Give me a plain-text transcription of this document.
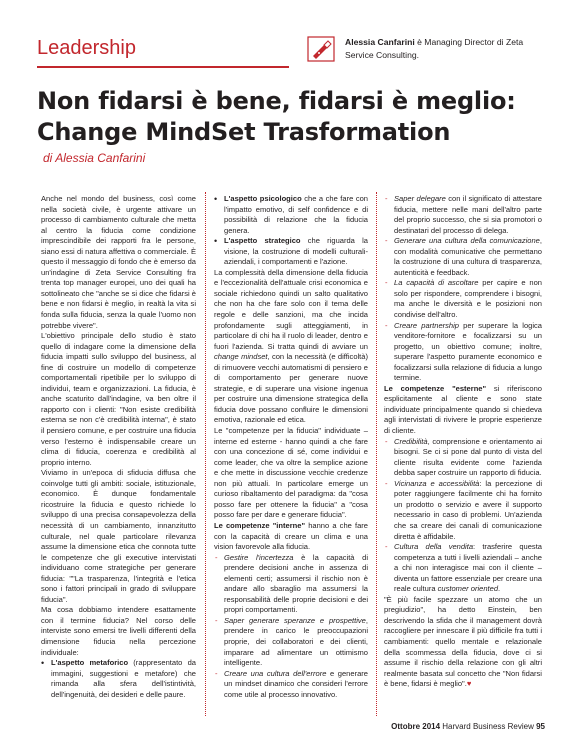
Leadership	Alessia Canfarini è Managing Director di Zeta Service Consulting.
Non fidarsi è bene, fidarsi è meglio:
Change MindSet Trasformation
di Alessia Canfarini

Anche nel mondo del business, così come nella società civile, è urgente attivare un processo di cambiamento culturale che metta al centro la fiducia come condizione imprescindibile dei rapporti fra le persone, siano essi di natura affettiva o commerciale. È questo il messaggio di fondo che è emerso da un'indagine di Zeta Service Consulting fra trenta top manager europei, uno dei quali ha sottolineato che "anche se si dice che fidarsi è bene e non fidarsi è meglio, in realtà la vita si fonda sulla fiducia, senza la quale l'uomo non potrebbe vivere".

L'obiettivo principale dello studio è stato quello di indagare come la dimensione della fiducia impatti sullo sviluppo del business, al fine di costruire un modello di competenze comportamentali ripetibile per lo sviluppo di individui, team e organizzazioni. La fiducia, è anche scaturito dall'indagine, va ben oltre il rapporto con i clienti: "Non esiste credibilità esterna se non c'è credibilità interna", è stato il pensiero comune, e per costruire una fiducia verso l'esterno è indispensabile creare un clima di fiducia, coerenza e credibilità al proprio interno.

Viviamo in un'epoca di sfiducia diffusa che coinvolge tutti gli ambiti: sociale, istituzionale, economico. È dunque fondamentale ricostruire la fiducia e questo richiede lo sviluppo di una precisa consapevolezza della necessità di un cambiamento, innanzitutto culturale, nel quale particolare rilevanza assume la dimensione etica che connota tutte le competenze che gli executive intervistati individuano come strategiche per generare fiducia: ""La trasparenza, l'integrità e l'etica sono i fattori principali in grado di sviluppare fiducia".

Ma cosa dobbiamo intendere esattamente con il termine fiducia? Nel corso delle interviste sono emersi tre livelli differenti della dimensione fiducia nella percezione individuale:

• L'aspetto metaforico (rappresentato da immagini, suggestioni e metafore) che rimanda alla sfera dell'istintività, dell'ingenuità, dei desideri e delle paure.
• L'aspetto psicologico che a che fare con l'impatto emotivo, di self confidence e di possibilità di relazione che la fiducia genera.
• L'aspetto strategico che riguarda la visione, la costruzione di modelli culturali- aziendali, i comportamenti e l'azione.

La complessità della dimensione della fiducia e l'eccezionalità dell'attuale crisi economica e sociale richiedono quindi un salto qualitativo che non ha che fare solo con il tema delle regole e delle sanzioni, ma che incida profondamente sugli atteggiamenti, in particolare di chi ha il ruolo di leader, dentro e fuori l'azienda. Si tratta quindi di avviare un change mindset, con la necessità (e difficoltà) di rimuovere vecchi automatismi di pensiero e di comportamento per generare nuove strategie, e di superare una visione ingenua per costruire una dimensione strategica della fiducia dove possano confluire le dimensioni emotiva, razionale ed etica.

Le "competenze per la fiducia" individuate – interne ed esterne - hanno quindi a che fare con una concezione di sé, come individui e come leader, che va oltre la semplice azione e che mette in discussione vecchie credenze non più attuali. In particolare emerge un curioso ribaltamento del paradigma: da "cosa posso fare per ottenere la fiducia" a "cosa posso fare per dare e generare fiducia".

Le competenze "interne" hanno a che fare con la capacità di creare un clima e una vision favorevole alla fiducia.

- Gestire l'incertezza è la capacità di prendere decisioni anche in assenza di elementi certi; assumersi il rischio non è andare allo sbaraglio ma assumersi la responsabilità delle proprie decisioni e dei propri comportamenti.
- Saper generare speranze e prospettive, prendere in carico le preoccupazioni proprie, dei collaboratori e dei clienti, imparare ad alimentare un ottimismo intelligente.
- Creare una cultura dell'errore e generare un mindset dinamico che consideri l'errore come utile al processo innovativo.
- Saper delegare con il significato di attestare fiducia, mettere nelle mani dell'altro parte del proprio successo, che si sia promotori o destinatari del processo di delega.
- Generare una cultura della comunicazione, con modalità comunicative che permettano la costruzione di una cultura di trasparenza, autenticità e feedback.
- La capacità di ascoltare per capire e non solo per rispondere, comprendere i bisogni, ma anche le diversità e le posizioni non condivise dell'altro.
- Creare partnership per superare la logica venditore-fornitore e focalizzarsi su un progetto, un obiettivo comune; inoltre, superare l'aspetto puramente economico e focalizzarsi sulla relazione di fiducia a lungo termine.

Le competenze "esterne" si riferiscono esplicitamente al cliente e sono state individuate principalmente quando si chiedeva agli intervistati di rivivere le proprie esperienze di cliente.

- Credibilità, comprensione e orientamento ai bisogni. Se ci si pone dal punto di vista del cliente risulta evidente come l'azienda debba saper costruire un rapporto di fiducia.
- Vicinanza e accessibilità: la percezione di poter raggiungere facilmente chi ha fornito un prodotto o servizio e avere il supporto necessario in caso di problemi. Un'azienda che sa creare dei canali di comunicazione diretta è affidabile.
- Cultura della vendita: trasferire questa competenza a tutti i livelli aziendali – anche a chi non interagisce mai con il cliente – diventa un fattore essenziale per creare una reale cultura customer oriented.

"È più facile spezzare un atomo che un pregiudizio", ha detto Einstein, ben descrivendo la sfida che il management dovrà raccogliere per innescare il più difficile fra tutti i cambiamenti: quello mentale e relazionale della scommessa della fiducia, dove ci si assume il rischio della relazione con gli altri realmente basata sul concetto che "Non fidarsi è bene, fidarsi è meglio".♥

Ottobre 2014 Harvard Business Review 95
